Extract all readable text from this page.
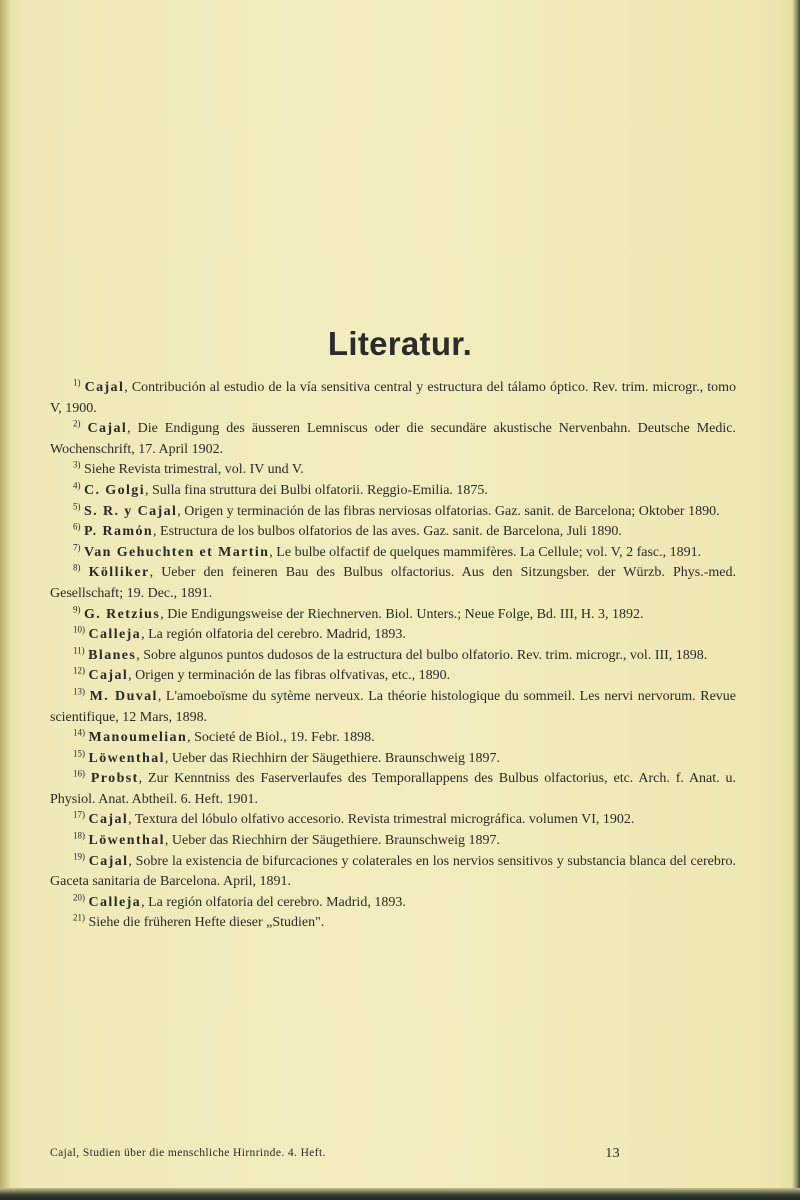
Literatur.

$^{1)}$ Cajal, Contribución al estudio de la vía sensitiva central y estructura del tálamo óptico. Rev. trim. microgr., tomo V, 1900.

$^{2)}$ Cajal, Die Endigung des äusseren Lemniscus oder die secundäre akustische Nervenbahn. Deutsche Medic. Wochenschrift, 17. April 1902.

$^{3)}$ Siehe Revista trimestral, vol. IV und V.

$^{4)}$ C. Golgi, Sulla fina struttura dei Bulbi olfatorii. Reggio-Emilia. 1875.

$^{5)}$ S. R. y Cajal, Origen y terminación de las fibras nerviosas olfatorias. Gaz. sanit. de Barcelona; Oktober 1890.

$^{6)}$ P. Ramón, Estructura de los bulbos olfatorios de las aves. Gaz. sanit. de Barcelona, Juli 1890.

$^{7)}$ Van Gehuchten et Martin, Le bulbe olfactif de quelques mammifères. La Cellule; vol. V, 2 fasc., 1891.

$^{8)}$ Kölliker, Ueber den feineren Bau des Bulbus olfactorius. Aus den Sitzungsber. der Würzb. Phys.-med. Gesellschaft; 19. Dec., 1891.

$^{9)}$ G. Retzius, Die Endigungsweise der Riechnerven. Biol. Unters.; Neue Folge, Bd. III, H. 3, 1892.

$^{10)}$ Calleja, La región olfatoria del cerebro. Madrid, 1893.

$^{11)}$ Blanes, Sobre algunos puntos dudosos de la estructura del bulbo olfatorio. Rev. trim. microgr., vol. III, 1898.

$^{12)}$ Cajal, Origen y terminación de las fibras olfvativas, etc., 1890.

$^{13)}$ M. Duval, L'amoeboïsme du sytème nerveux. La théorie histologique du sommeil. Les nervi nervorum. Revue scientifique, 12 Mars, 1898.

$^{14)}$ Manoumelian, Societé de Biol., 19. Febr. 1898.

$^{15)}$ Löwenthal, Ueber das Riechhirn der Säugethiere. Braunschweig 1897.

$^{16)}$ Probst, Zur Kenntniss des Faserverlaufes des Temporallappens des Bulbus olfactorius, etc. Arch. f. Anat. u. Physiol. Anat. Abtheil. 6. Heft. 1901.

$^{17)}$ Cajal, Textura del lóbulo olfativo accesorio. Revista trimestral micrográfica. volumen VI, 1902.

$^{18)}$ Löwenthal, Ueber das Riechhirn der Säugethiere. Braunschweig 1897.

$^{19)}$ Cajal, Sobre la existencia de bifurcaciones y colaterales en los nervios sensitivos y substancia blanca del cerebro. Gaceta sanitaria de Barcelona. April, 1891.

$^{20)}$ Calleja, La región olfatoria del cerebro. Madrid, 1893.

$^{21)}$ Siehe die früheren Hefte dieser „Studien".

Cajal, Studien über die menschliche Hirnrinde. 4. Heft.	13
